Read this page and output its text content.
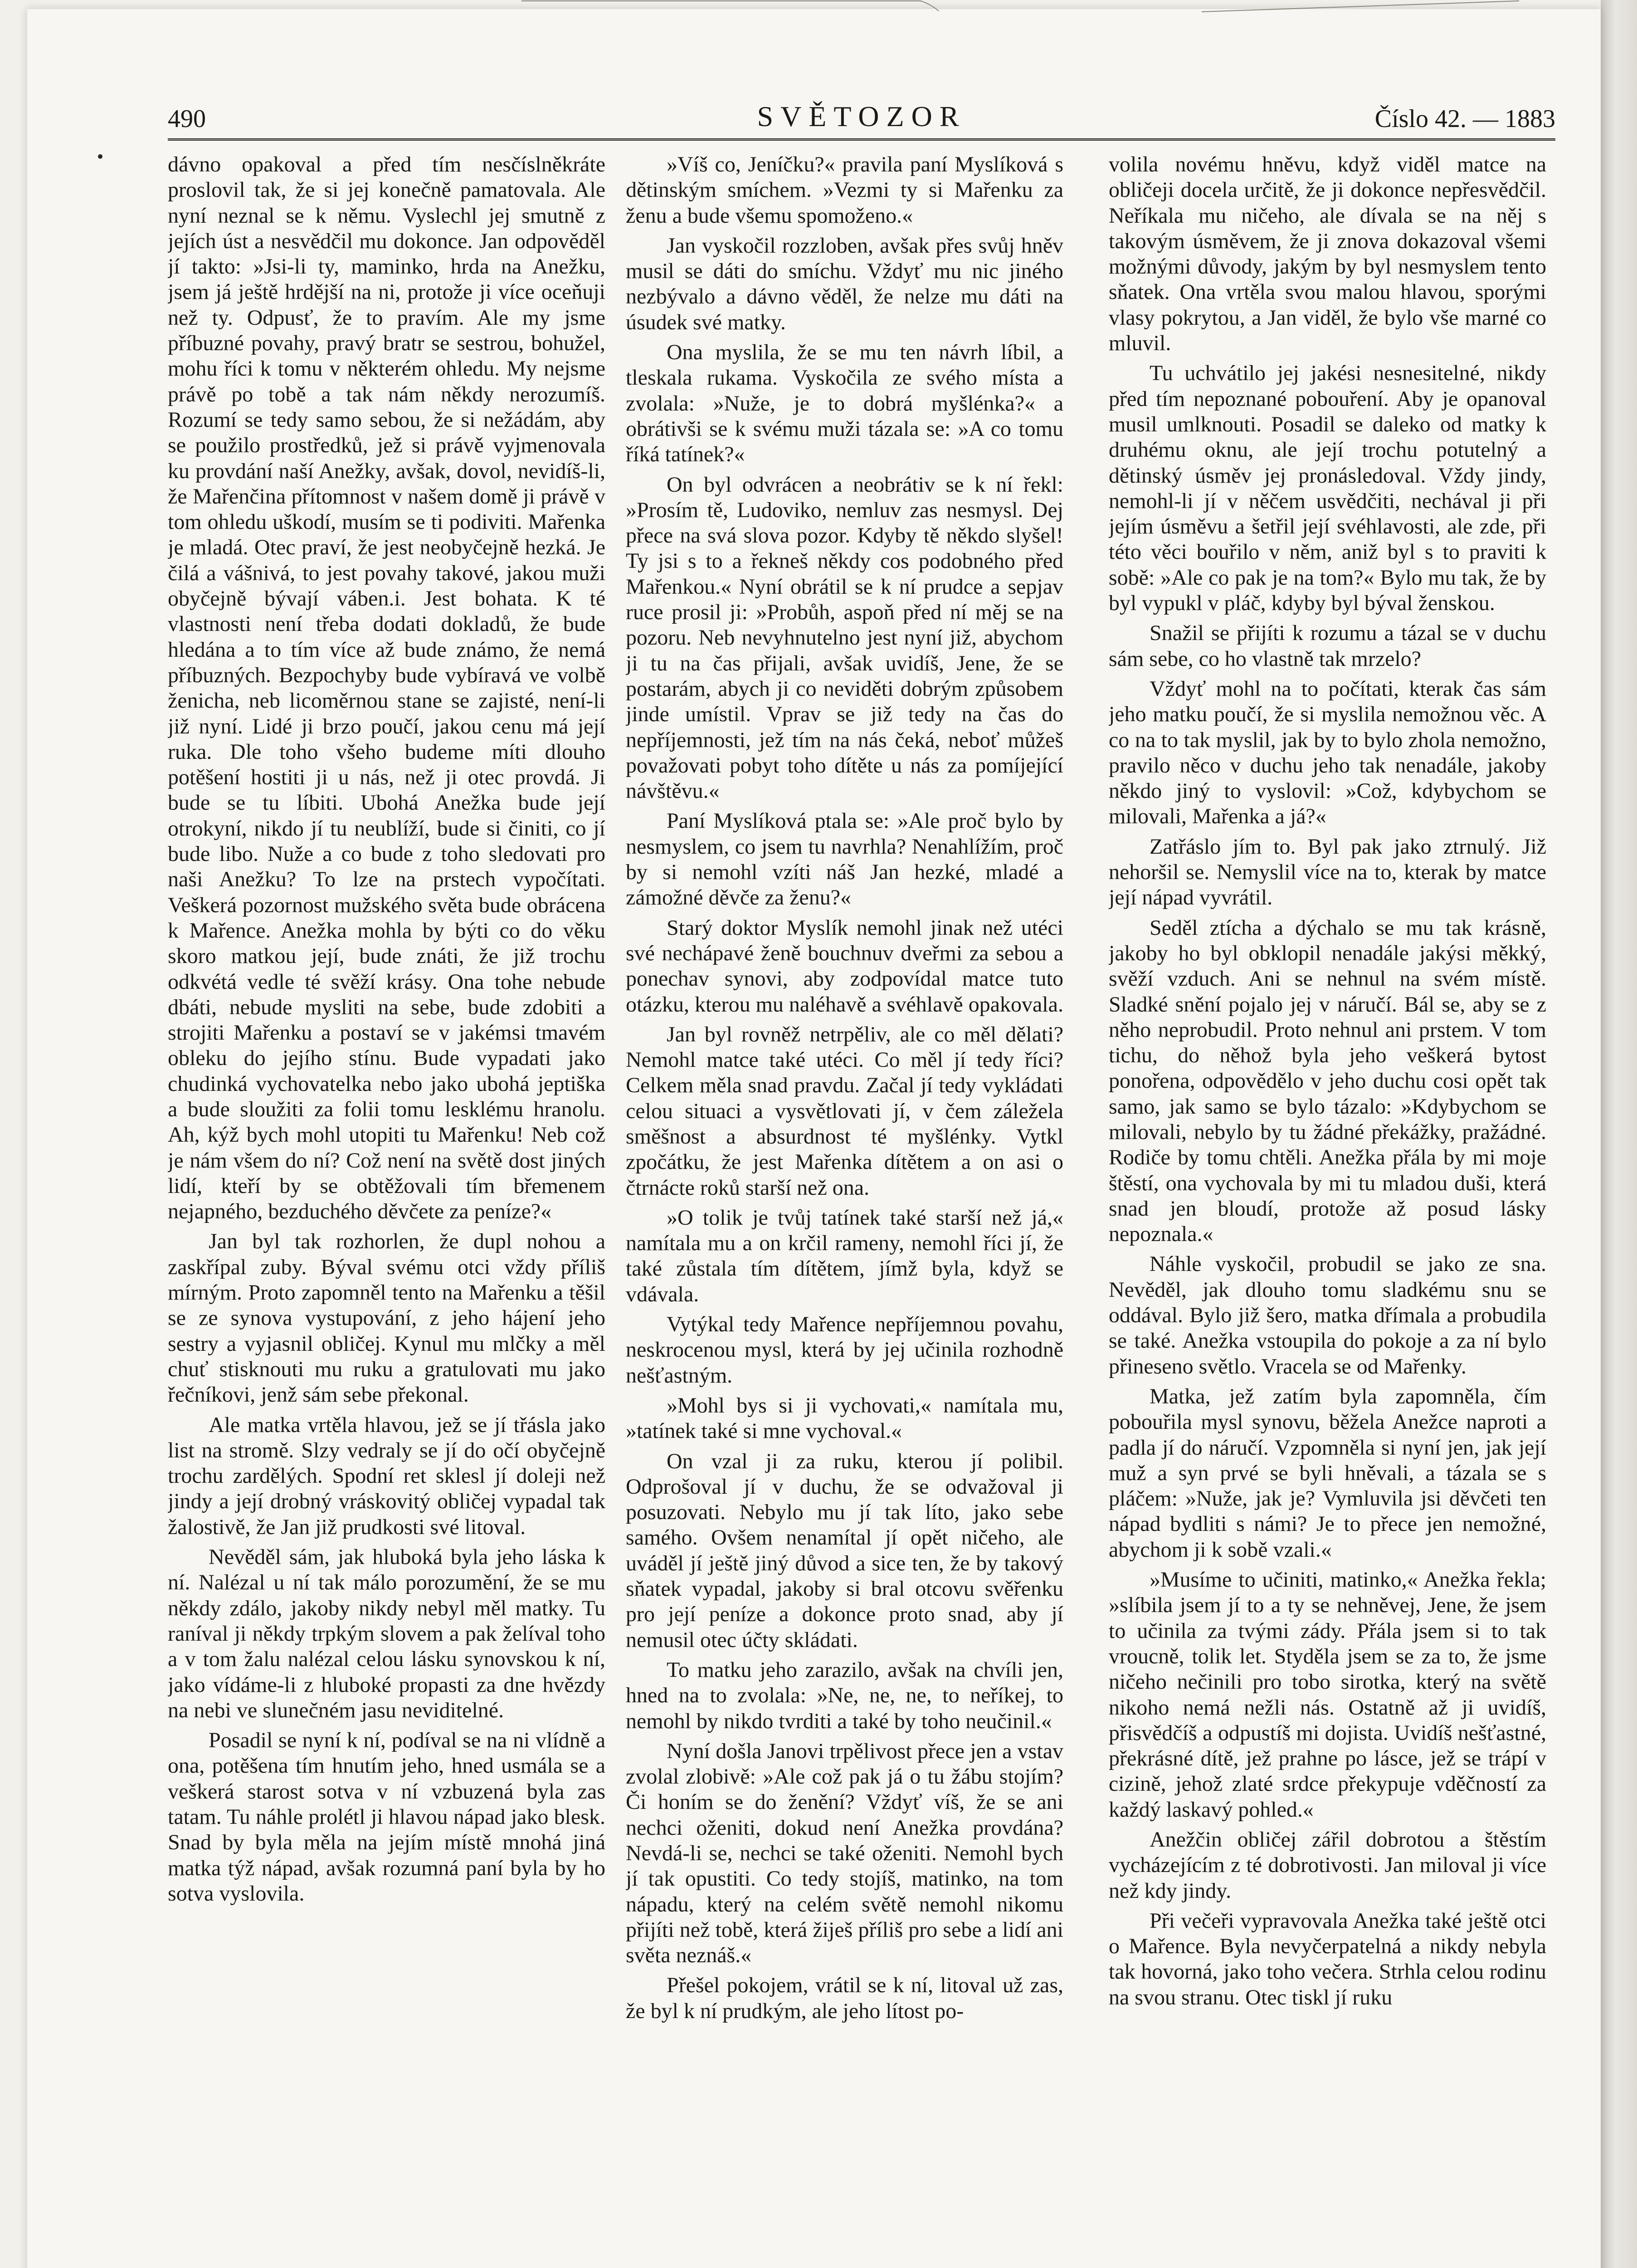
490	SVĚTOZOR	Číslo 42. — 1883

dávno opakoval a před tím nesčíslněkráte proslovil tak, že si jej konečně pamatovala. Ale nyní neznal se k němu. Vyslechl jej smutně z jejích úst a nesvědčil mu dokonce. Jan odpověděl jí takto: »Jsi-li ty, maminko, hrda na Anežku, jsem já ještě hrdější na ni, protože ji více oceňuji než ty. Odpusť, že to pravím. Ale my jsme příbuzné povahy, pravý bratr se sestrou, bohužel, mohu říci k tomu v některém ohledu. My nejsme právě po tobě a tak nám někdy nerozumíš. Rozumí se tedy samo sebou, že si nežádám, aby se použilo prostředků, jež si právě vyjmenovala ku provdání naší Anežky, avšak, dovol, nevidíš-li, že Mařenčina přítomnost v našem domě ji právě v tom ohledu uškodí, musím se ti podiviti. Mařenka je mladá. Otec praví, že jest neobyčejně hezká. Je čilá a vášnivá, to jest povahy takové, jakou muži obyčejně bývají váben.i. Jest bohata. K té vlastnosti není třeba dodati dokladů, že bude hledána a to tím více až bude známo, že nemá příbuzných. Bezpochyby bude vybíravá ve volbě ženicha, neb licoměrnou stane se zajisté, není-li již nyní. Lidé ji brzo poučí, jakou cenu má její ruka. Dle toho všeho budeme míti dlouho potěšení hostiti ji u nás, než ji otec provdá. Ji bude se tu líbiti. Ubohá Anežka bude její otrokyní, nikdo jí tu neublíží, bude si činiti, co jí bude libo. Nuže a co bude z toho sledovati pro naši Anežku? To lze na prstech vypočítati. Veškerá pozornost mužského světa bude obrácena k Mařence. Anežka mohla by býti co do věku skoro matkou její, bude znáti, že již trochu odkvétá vedle té svěží krásy. Ona tohe nebude dbáti, nebude mysliti na sebe, bude zdobiti a strojiti Mařenku a postaví se v jakémsi tmavém obleku do jejího stínu. Bude vypadati jako chudinká vychovatelka nebo jako ubohá jeptiška a bude sloužiti za folii tomu lesklému hranolu. Ah, kýž bych mohl utopiti tu Mařenku! Neb což je nám všem do ní? Což není na světě dost jiných lidí, kteří by se obtěžovali tím břemenem nejapného, bezduchého děvčete za peníze?«

Jan byl tak rozhorlen, že dupl nohou a zaskřípal zuby. Býval svému otci vždy příliš mírným. Proto zapomněl tento na Mařenku a těšil se ze synova vystupování, z jeho hájení jeho sestry a vyjasnil obličej. Kynul mu mlčky a měl chuť stisknouti mu ruku a gratulovati mu jako řečníkovi, jenž sám sebe překonal.

Ale matka vrtěla hlavou, jež se jí třásla jako list na stromě. Slzy vedraly se jí do očí obyčejně trochu zardělých. Spodní ret sklesl jí doleji než jindy a její drobný vráskovitý obličej vypadal tak žalostivě, že Jan již prudkosti své litoval.

Nevěděl sám, jak hluboká byla jeho láska k ní. Nalézal u ní tak málo porozumění, že se mu někdy zdálo, jakoby nikdy nebyl měl matky. Tu raníval ji někdy trpkým slovem a pak želíval toho a v tom žalu nalézal celou lásku synovskou k ní, jako vídáme-li z hluboké propasti za dne hvězdy na nebi ve slunečném jasu neviditelné.

Posadil se nyní k ní, podíval se na ni vlídně a ona, potěšena tím hnutím jeho, hned usmála se a veškerá starost sotva v ní vzbuzená byla zas tatam. Tu náhle prolétl ji hlavou nápad jako blesk. Snad by byla měla na jejím místě mnohá jiná matka týž nápad, avšak rozumná paní byla by ho sotva vyslovila.

»Víš co, Jeníčku?« pravila paní Myslíková s dětinským smíchem. »Vezmi ty si Mařenku za ženu a bude všemu spomoženo.«

Jan vyskočil rozzloben, avšak přes svůj hněv musil se dáti do smíchu. Vždyť mu nic jiného nezbývalo a dávno věděl, že nelze mu dáti na úsudek své matky.

Ona myslila, že se mu ten návrh líbil, a tleskala rukama. Vyskočila ze svého místa a zvolala: »Nuže, je to dobrá myšlénka?« a obrátivši se k svému muži tázala se: »A co tomu říká tatínek?«

On byl odvrácen a neobrátiv se k ní řekl: »Prosím tě, Ludoviko, nemluv zas nesmysl. Dej přece na svá slova pozor. Kdyby tě někdo slyšel! Ty jsi s to a řekneš někdy cos podobného před Mařenkou.« Nyní obrátil se k ní prudce a sepjav ruce prosil ji: »Probůh, aspoň před ní měj se na pozoru. Neb nevyhnutelno jest nyní již, abychom ji tu na čas přijali, avšak uvidíš, Jene, že se postarám, abych ji co neviděti dobrým způsobem jinde umístil. Vprav se již tedy na čas do nepříjemnosti, jež tím na nás čeká, neboť můžeš považovati pobyt toho dítěte u nás za pomíjející návštěvu.«

Paní Myslíková ptala se: »Ale proč bylo by nesmyslem, co jsem tu navrhla? Nenahlížím, proč by si nemohl vzíti náš Jan hezké, mladé a zámožné děvče za ženu?«

Starý doktor Myslík nemohl jinak než utéci své nechápavé ženě bouchnuv dveřmi za sebou a ponechav synovi, aby zodpovídal matce tuto otázku, kterou mu naléhavě a svéhlavě opakovala.

Jan byl rovněž netrpěliv, ale co měl dělati? Nemohl matce také utéci. Co měl jí tedy říci? Celkem měla snad pravdu. Začal jí tedy vykládati celou situaci a vysvětlovati jí, v čem záležela směšnost a absurdnost té myšlénky. Vytkl zpočátku, že jest Mařenka dítětem a on asi o čtrnácte roků starší než ona.

»O tolik je tvůj tatínek také starší než já,« namítala mu a on krčil rameny, nemohl říci jí, že také zůstala tím dítětem, jímž byla, když se vdávala.

Vytýkal tedy Mařence nepříjemnou povahu, neskrocenou mysl, která by jej učinila rozhodně nešťastným.

»Mohl bys si ji vychovati,« namítala mu, »tatínek také si mne vychoval.«

On vzal ji za ruku, kterou jí polibil. Odprošoval jí v duchu, že se odvažoval ji posuzovati. Nebylo mu jí tak líto, jako sebe samého. Ovšem nenamítal jí opět ničeho, ale uváděl jí ještě jiný důvod a sice ten, že by takový sňatek vypadal, jakoby si bral otcovu svěřenku pro její peníze a dokonce proto snad, aby jí nemusil otec účty skládati.

To matku jeho zarazilo, avšak na chvíli jen, hned na to zvolala: »Ne, ne, ne, to neříkej, to nemohl by nikdo tvrditi a také by toho neučinil.«

Nyní došla Janovi trpělivost přece jen a vstav zvolal zlobivě: »Ale což pak já o tu žábu stojím? Či honím se do ženění? Vždyť víš, že se ani nechci oženiti, dokud není Anežka provdána? Nevdá-li se, nechci se také oženiti. Nemohl bych jí tak opustiti. Co tedy stojíš, matinko, na tom nápadu, který na celém světě nemohl nikomu přijíti než tobě, která žiješ příliš pro sebe a lidí ani světa neznáš.«

Přešel pokojem, vrátil se k ní, litoval už zas, že byl k ní prudkým, ale jeho lítost po-

volila novému hněvu, když viděl matce na obličeji docela určitě, že ji dokonce nepřesvědčil. Neříkala mu ničeho, ale dívala se na něj s takovým úsměvem, že ji znova dokazoval všemi možnými důvody, jakým by byl nesmyslem tento sňatek. Ona vrtěla svou malou hlavou, sporými vlasy pokrytou, a Jan viděl, že bylo vše marné co mluvil.

Tu uchvátilo jej jakési nesnesitelné, nikdy před tím nepoznané pobouření. Aby je opanoval musil umlknouti. Posadil se daleko od matky k druhému oknu, ale její trochu potutelný a dětinský úsměv jej pronásledoval. Vždy jindy, nemohl-li jí v něčem usvědčiti, nechával ji při jejím úsměvu a šetřil její svéhlavosti, ale zde, při této věci bouřilo v něm, aniž byl s to praviti k sobě: »Ale co pak je na tom?« Bylo mu tak, že by byl vypukl v pláč, kdyby byl býval ženskou.

Snažil se přijíti k rozumu a tázal se v duchu sám sebe, co ho vlastně tak mrzelo?

Vždyť mohl na to počítati, kterak čas sám jeho matku poučí, že si myslila nemožnou věc. A co na to tak myslil, jak by to bylo zhola nemožno, pravilo něco v duchu jeho tak nenadále, jakoby někdo jiný to vyslovil: »Což, kdybychom se milovali, Mařenka a já?«

Zatřáslo jím to. Byl pak jako ztrnulý. Již nehoršil se. Nemyslil více na to, kterak by matce její nápad vyvrátil.

Seděl ztícha a dýchalo se mu tak krásně, jakoby ho byl obklopil nenadále jakýsi měkký, svěží vzduch. Ani se nehnul na svém místě. Sladké snění pojalo jej v náručí. Bál se, aby se z něho neprobudil. Proto nehnul ani prstem. V tom tichu, do něhož byla jeho veškerá bytost ponořena, odpovědělo v jeho duchu cosi opět tak samo, jak samo se bylo tázalo: »Kdybychom se milovali, nebylo by tu žádné překážky, pražádné. Rodiče by tomu chtěli. Anežka přála by mi moje štěstí, ona vychovala by mi tu mladou duši, která snad jen bloudí, protože až posud lásky nepoznala.«

Náhle vyskočil, probudil se jako ze sna. Nevěděl, jak dlouho tomu sladkému snu se oddával. Bylo již šero, matka dřímala a probudila se také. Anežka vstoupila do pokoje a za ní bylo přineseno světlo. Vracela se od Mařenky.

Matka, jež zatím byla zapomněla, čím pobouřila mysl synovu, běžela Anežce naproti a padla jí do náručí. Vzpomněla si nyní jen, jak její muž a syn prvé se byli hněvali, a tázala se s pláčem: »Nuže, jak je? Vymluvila jsi děvčeti ten nápad bydliti s námi? Je to přece jen nemožné, abychom ji k sobě vzali.«

»Musíme to učiniti, matinko,« Anežka řekla; »slíbila jsem jí to a ty se nehněvej, Jene, že jsem to učinila za tvými zády. Přála jsem si to tak vroucně, tolik let. Styděla jsem se za to, že jsme ničeho nečinili pro tobo sirotka, který na světě nikoho nemá nežli nás. Ostatně až ji uvidíš, přisvědčíš a odpustíš mi dojista. Uvidíš nešťastné, překrásné dítě, jež prahne po lásce, jež se trápí v cizině, jehož zlaté srdce překypuje vděčností za každý laskavý pohled.«

Anežčin obličej zářil dobrotou a štěstím vycházejícím z té dobrotivosti. Jan miloval ji více než kdy jindy.

Při večeři vypravovala Anežka také ještě otci o Mařence. Byla nevyčerpatelná a nikdy nebyla tak hovorná, jako toho večera. Strhla celou rodinu na svou stranu. Otec tiskl jí ruku
